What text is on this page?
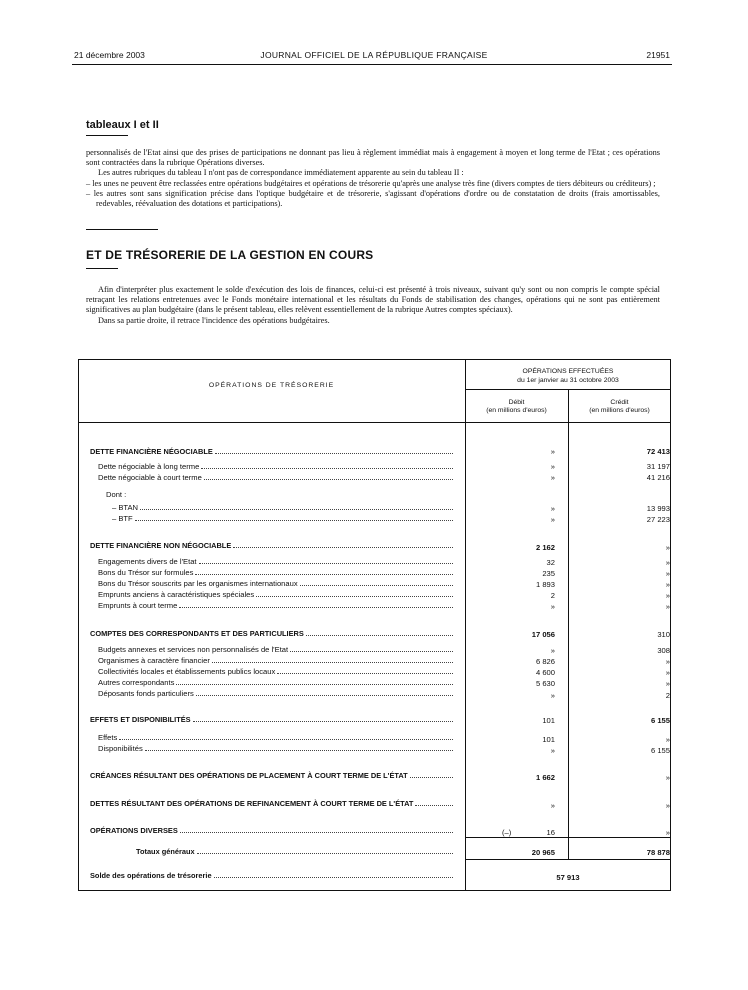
21 décembre 2003	JOURNAL OFFICIEL DE LA RÉPUBLIQUE FRANÇAISE	21951
tableaux I et II

personnalisés de l'Etat ainsi que des prises de participations ne donnant pas lieu à règlement immédiat mais à engagement à moyen et long terme de l'Etat ; ces opérations sont contractées dans la rubrique Opérations diverses.

Les autres rubriques du tableau I n'ont pas de correspondance immédiatement apparente au sein du tableau II :

– les unes ne peuvent être reclassées entre opérations budgétaires et opérations de trésorerie qu'après une analyse très fine (divers comptes de tiers débiteurs ou créditeurs) ;

– les autres sont sans signification précise dans l'optique budgétaire et de trésorerie, s'agissant d'opérations d'ordre ou de constatation de droits (frais amortissables, redevables, réévaluation des dotations et participations).

ET DE TRÉSORERIE DE LA GESTION EN COURS

Afin d'interpréter plus exactement le solde d'exécution des lois de finances, celui-ci est présenté à trois niveaux, suivant qu'y sont ou non compris le compte spécial retraçant les relations entretenues avec le Fonds monétaire international et les résultats du Fonds de stabilisation des changes, opérations qui ne sont pas entièrement significatives au plan budgétaire (dans le présent tableau, elles relèvent essentiellement de la rubrique Autres comptes spéciaux).

Dans sa partie droite, il retrace l'incidence des opérations budgétaires.

OPÉRATIONS DE TRÉSORERIE
OPÉRATIONS EFFECTUÉES
du 1er janvier au 31 octobre 2003
Débit
(en millions d'euros)
Crédit
(en millions d'euros)
DETTE FINANCIÈRE NÉGOCIABLE	»	72 413
Dette négociable à long terme	»	31 197
Dette négociable à court terme	»	41 216
Dont :
– BTAN	»	13 993
– BTF	»	27 223
DETTE FINANCIÈRE NON NÉGOCIABLE	2 162	»
Engagements divers de l'Etat	32	»
Bons du Trésor sur formules	235	»
Bons du Trésor souscrits par les organismes internationaux	1 893	»
Emprunts anciens à caractéristiques spéciales	2	»
Emprunts à court terme	»	»
COMPTES DES CORRESPONDANTS ET DES PARTICULIERS	17 056	310
Budgets annexes et services non personnalisés de l'Etat	»	308
Organismes à caractère financier	6 826	»
Collectivités locales et établissements publics locaux	4 600	»
Autres correspondants	5 630	»
Déposants fonds particuliers	»	2
EFFETS ET DISPONIBILITÉS	101	6 155
Effets	101	»
Disponibilités	»	6 155
CRÉANCES RÉSULTANT DES OPÉRATIONS DE PLACEMENT À COURT TERME DE L'ÉTAT	1 662	»
DETTES RÉSULTANT DES OPÉRATIONS DE REFINANCEMENT À COURT TERME DE L'ÉTAT	»	»
OPÉRATIONS DIVERSES	(–)	16	»
Totaux généraux	20 965	78 878
Solde des opérations de trésorerie	57 913
